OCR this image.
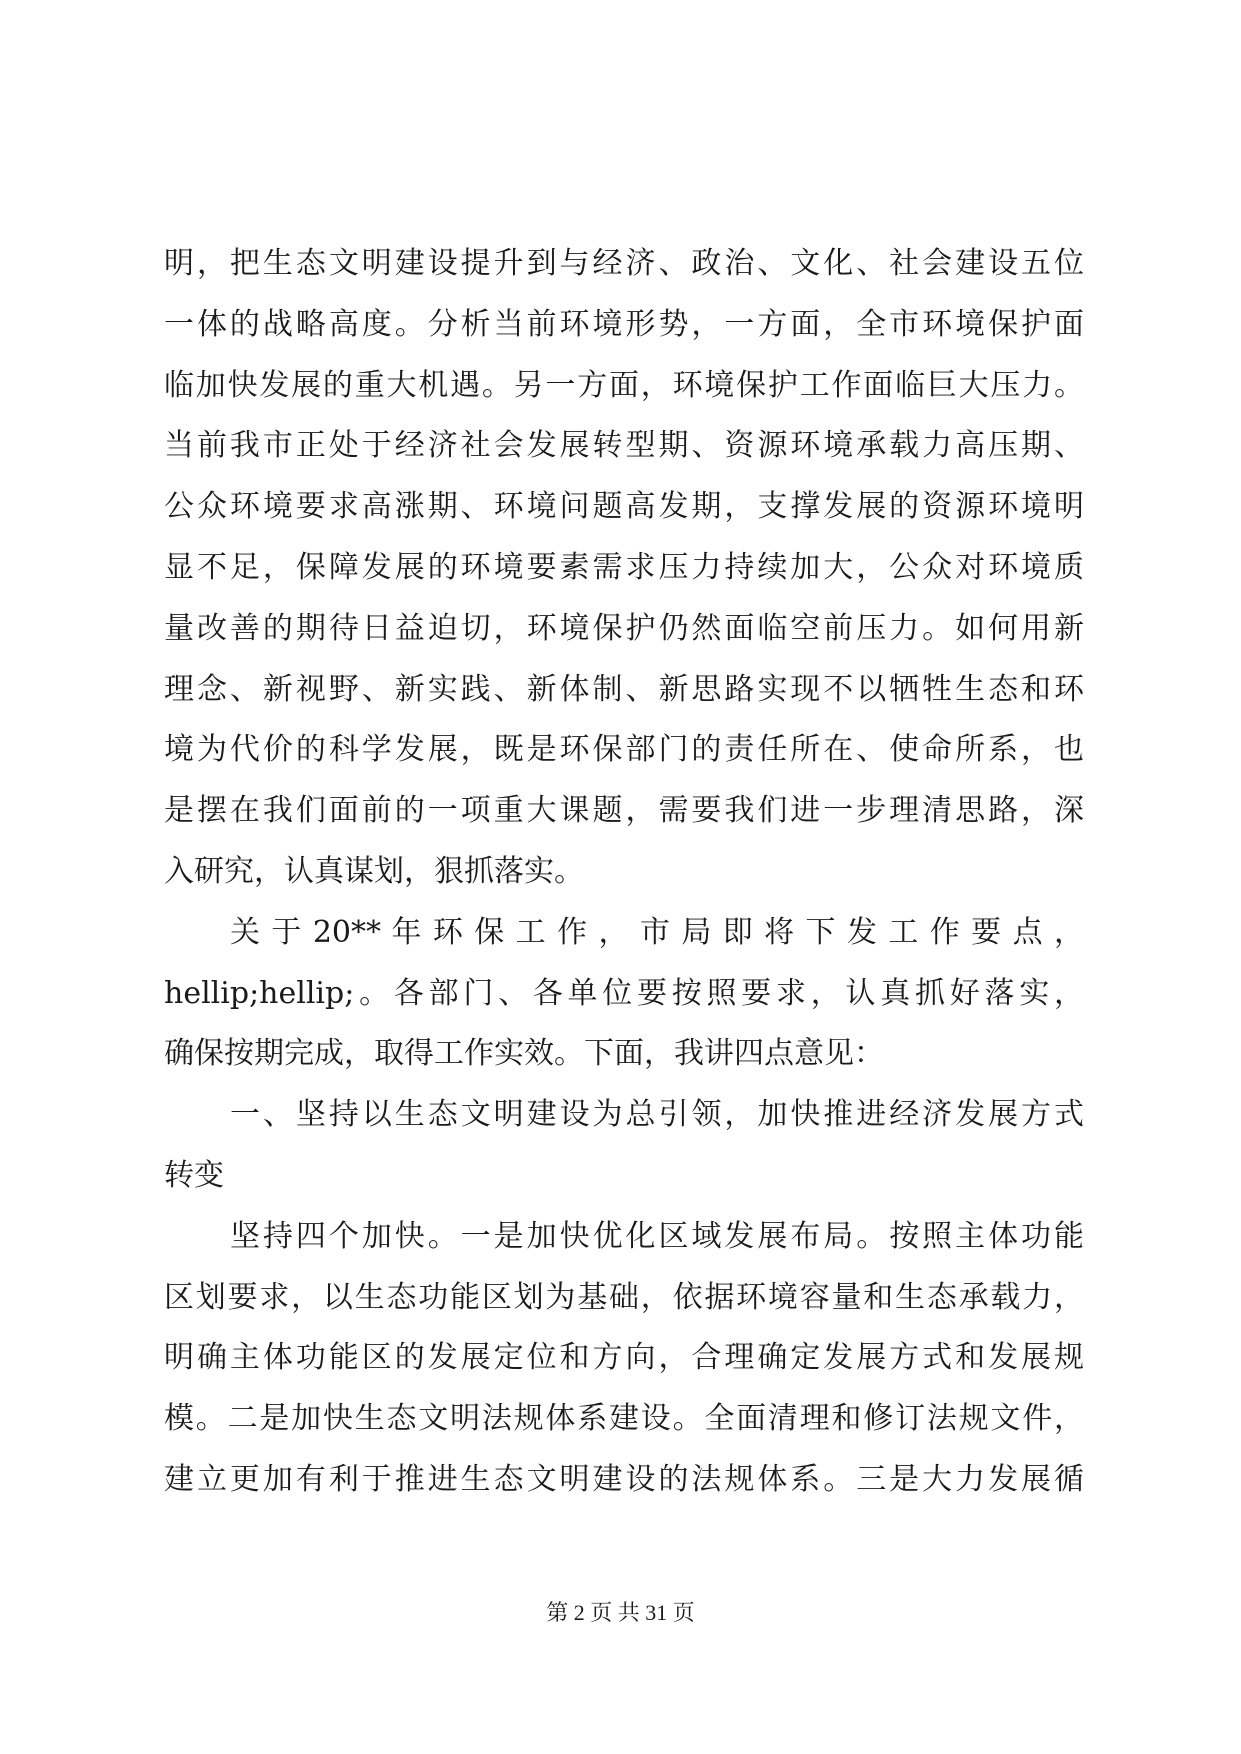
明，把生态文明建设提升到与经济、政治、文化、社会建设五位
一体的战略高度。分析当前环境形势，一方面，全市环境保护面
临加快发展的重大机遇。另一方面，环境保护工作面临巨大压力。
当前我市正处于经济社会发展转型期、资源环境承载力高压期、
公众环境要求高涨期、环境问题高发期，支撑发展的资源环境明
显不足，保障发展的环境要素需求压力持续加大，公众对环境质
量改善的期待日益迫切，环境保护仍然面临空前压力。如何用新
理念、新视野、新实践、新体制、新思路实现不以牺牲生态和环
境为代价的科学发展，既是环保部门的责任所在、使命所系，也
是摆在我们面前的一项重大课题，需要我们进一步理清思路，深
入研究，认真谋划，狠抓落实。
关 于 20** 年 环 保 工 作 ， 市 局 即 将 下 发 工 作 要 点 ，
hellip;hellip;。各部门、各单位要按照要求，认真抓好落实，
确保按期完成，取得工作实效。下面，我讲四点意见：
一、坚持以生态文明建设为总引领，加快推进经济发展方式
转变
坚持四个加快。一是加快优化区域发展布局。按照主体功能
区划要求，以生态功能区划为基础，依据环境容量和生态承载力，
明确主体功能区的发展定位和方向，合理确定发展方式和发展规
模。二是加快生态文明法规体系建设。全面清理和修订法规文件，
建立更加有利于推进生态文明建设的法规体系。三是大力发展循
第 2 页 共 31 页
